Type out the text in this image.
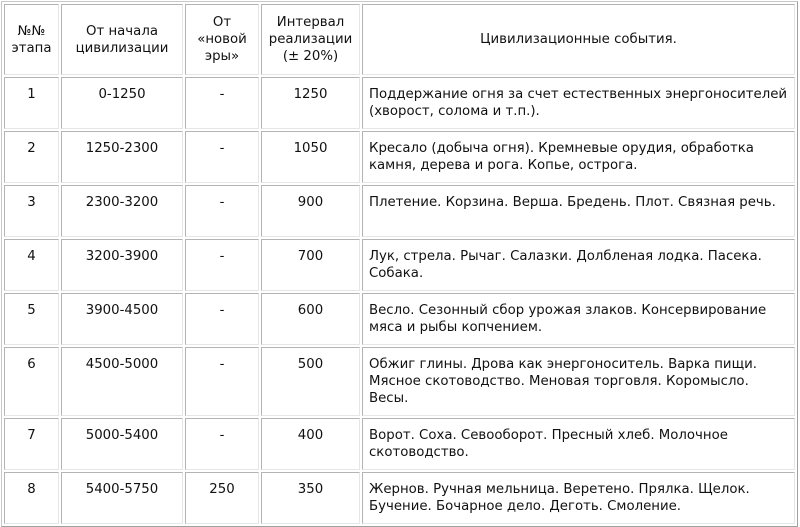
№№ этапа	От начала цивилизации	От «новой эры»	Интервал реализации (± 20%)	Цивилизационные события.
1	0-1250	-	1250	Поддержание огня за счет естественных энергоносителей (хворост, солома и т.п.).
2	1250-2300	-	1050	Кресало (добыча огня). Кремневые орудия, обработка камня, дерева и рога. Копье, острога.
3	2300-3200	-	900	Плетение. Корзина. Верша. Бредень. Плот. Связная речь.
4	3200-3900	-	700	Лук, стрела. Рычаг. Салазки. Долбленая лодка. Пасека. Собака.
5	3900-4500	-	600	Весло. Сезонный сбор урожая злаков. Консервирование мяса и рыбы копчением.
6	4500-5000	-	500	Обжиг глины. Дрова как энергоноситель. Варка пищи. Мясное скотоводство. Меновая торговля. Коромысло. Весы.
7	5000-5400	-	400	Ворот. Соха. Севооборот. Пресный хлеб. Молочное скотоводство.
8	5400-5750	250	350	Жернов. Ручная мельница. Веретено. Прялка. Щелок. Бучение. Бочарное дело. Деготь. Смоление.
